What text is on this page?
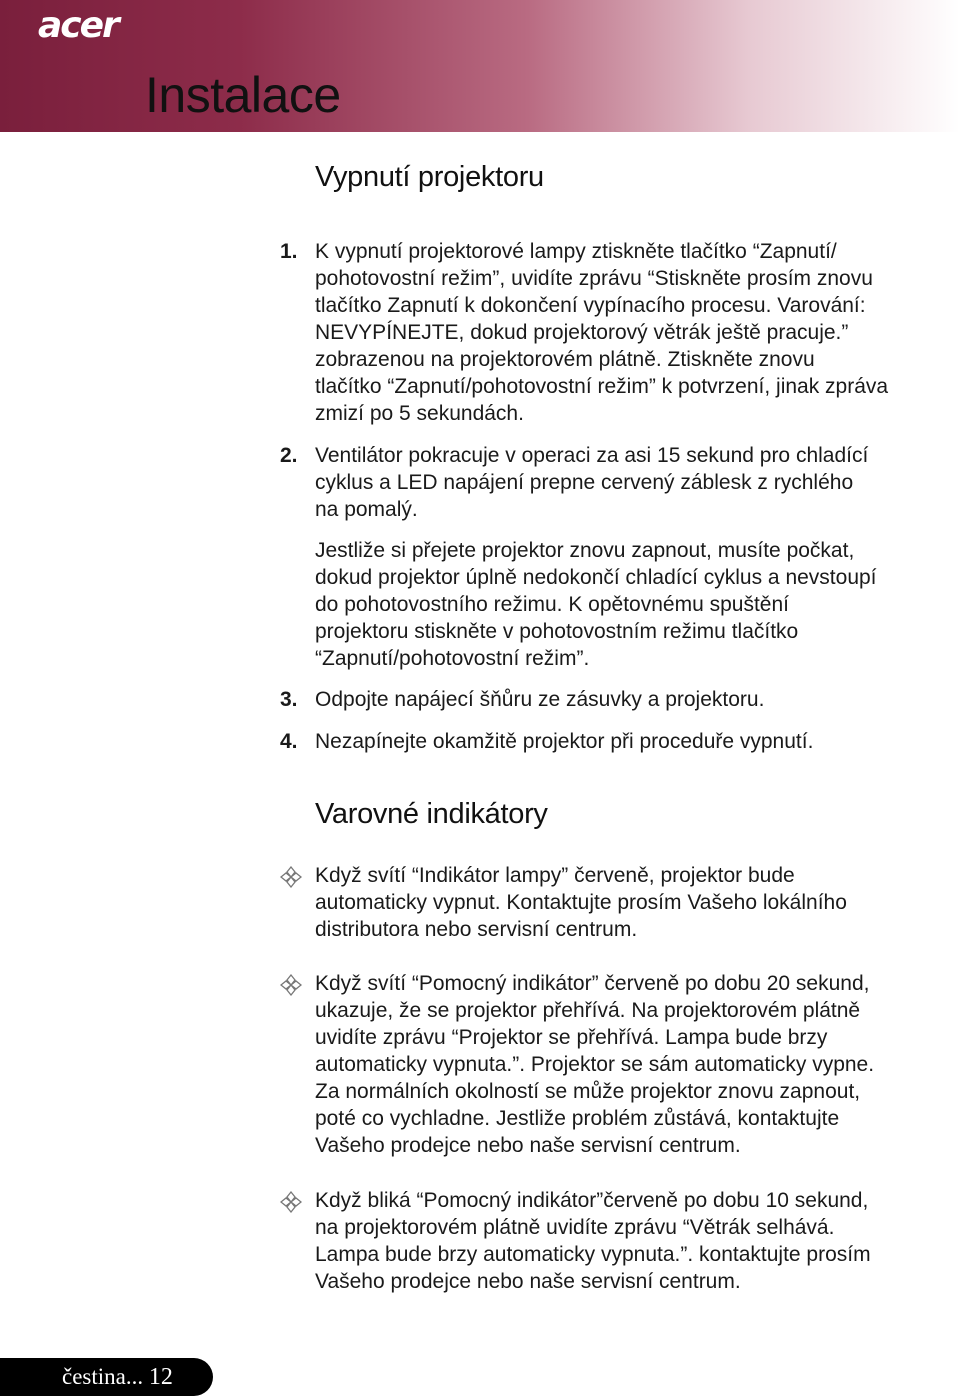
acer
Instalace
Vypnutí projektoru
1. K vypnutí projektorové lampy ztiskněte tlačítko “Zapnutí/
pohotovostní režim”, uvidíte zprávu “Stiskněte prosím znovu
tlačítko Zapnutí k dokončení vypínacího procesu. Varování:
NEVYPÍNEJTE, dokud projektorový větrák ještě pracuje.”
zobrazenou na projektorovém plátně. Ztiskněte znovu
tlačítko “Zapnutí/pohotovostní režim” k potvrzení, jinak zpráva
zmizí po 5 sekundách.
2. Ventilátor pokracuje v operaci za asi 15 sekund pro chladící
cyklus a LED napájení prepne cervený záblesk z rychlého
na pomalý.
Jestliže si přejete projektor znovu zapnout, musíte počkat,
dokud projektor úplně nedokončí chladící cyklus a nevstoupí
do pohotovostního režimu. K opětovnému spuštění
projektoru stiskněte v pohotovostním režimu tlačítko
“Zapnutí/pohotovostní režim”.
3. Odpojte napájecí šňůru ze zásuvky a projektoru.
4. Nezapínejte okamžitě projektor při proceduře vypnutí.
Varovné indikátory
Když svítí “Indikátor lampy” červeně, projektor bude
automaticky vypnut. Kontaktujte prosím Vašeho lokálního
distributora nebo servisní centrum.
Když svítí “Pomocný indikátor” červeně po dobu 20 sekund,
ukazuje, že se projektor přehřívá. Na projektorovém plátně
uvidíte zprávu “Projektor se přehřívá. Lampa bude brzy
automaticky vypnuta.”. Projektor se sám automaticky vypne.
Za normálních okolností se může projektor znovu zapnout,
poté co vychladne. Jestliže problém zůstává, kontaktujte
Vašeho prodejce nebo naše servisní centrum.
Když bliká “Pomocný indikátor”červeně po dobu 10 sekund,
na projektorovém plátně uvidíte zprávu “Větrák selhává.
Lampa bude brzy automaticky vypnuta.”. kontaktujte prosím
Vašeho prodejce nebo naše servisní centrum.
čestina... 12
